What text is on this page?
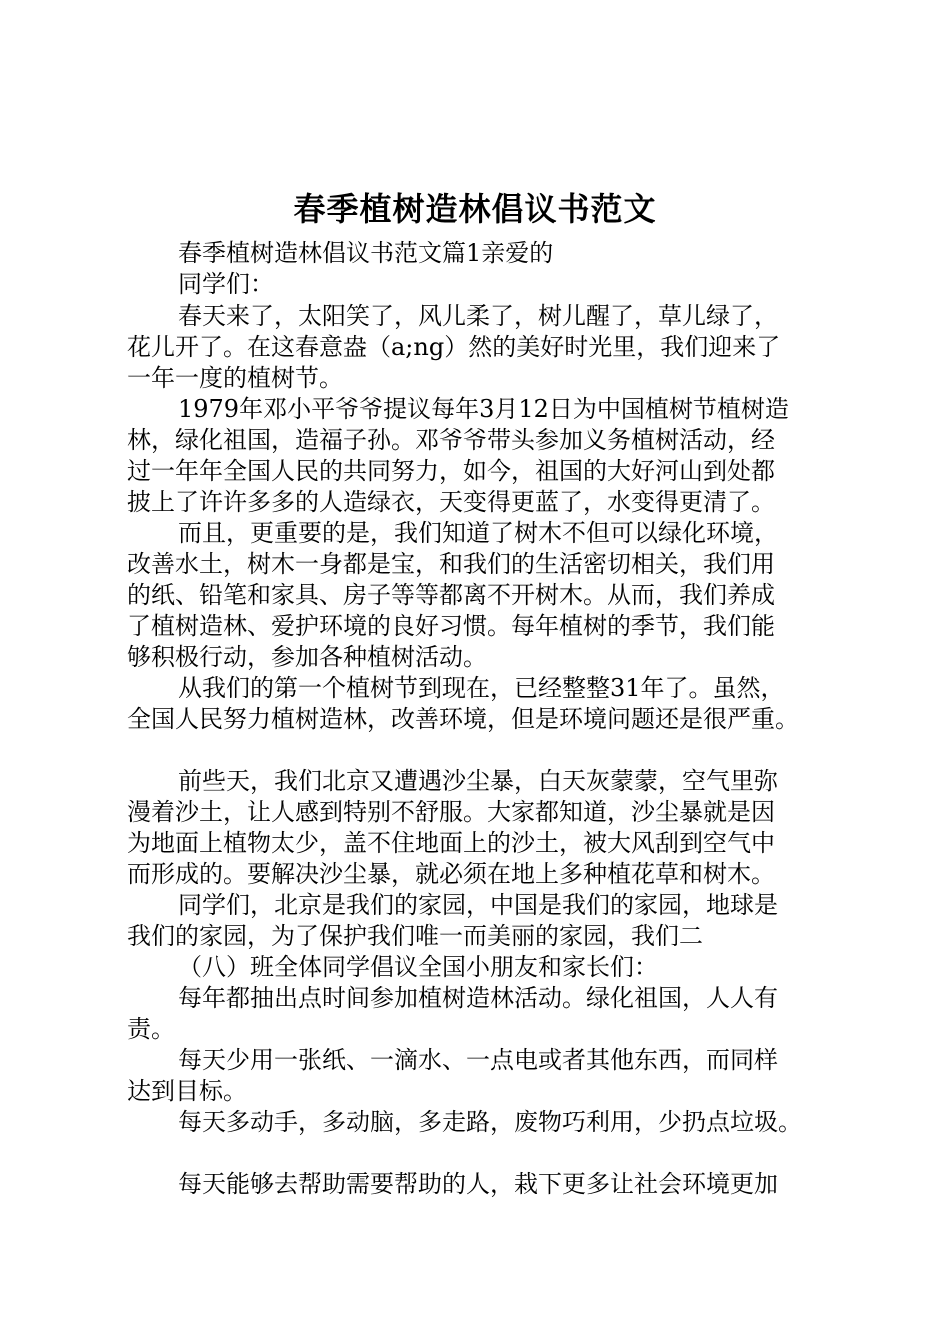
春季植树造林倡议书范文
春季植树造林倡议书范文篇1亲爱的
同学们：
春天来了，太阳笑了，风儿柔了，树儿醒了，草儿绿了，
花儿开了。在这春意盎（a;ng）然的美好时光里，我们迎来了
一年一度的植树节。
1979年邓小平爷爷提议每年3月12日为中国植树节植树造
林，绿化祖国，造福子孙。邓爷爷带头参加义务植树活动，经
过一年年全国人民的共同努力，如今，祖国的大好河山到处都
披上了许许多多的人造绿衣，天变得更蓝了，水变得更清了。
而且，更重要的是，我们知道了树木不但可以绿化环境，
改善水土，树木一身都是宝，和我们的生活密切相关，我们用
的纸、铅笔和家具、房子等等都离不开树木。从而，我们养成
了植树造林、爱护环境的良好习惯。每年植树的季节，我们能
够积极行动，参加各种植树活动。
从我们的第一个植树节到现在，已经整整31年了。虽然，
全国人民努力植树造林，改善环境，但是环境问题还是很严重。
前些天，我们北京又遭遇沙尘暴，白天灰蒙蒙，空气里弥
漫着沙土，让人感到特别不舒服。大家都知道，沙尘暴就是因
为地面上植物太少，盖不住地面上的沙土，被大风刮到空气中
而形成的。要解决沙尘暴，就必须在地上多种植花草和树木。
同学们，北京是我们的家园，中国是我们的家园，地球是
我们的家园，为了保护我们唯一而美丽的家园，我们二
（八）班全体同学倡议全国小朋友和家长们：
每年都抽出点时间参加植树造林活动。绿化祖国，人人有
责。
每天少用一张纸、一滴水、一点电或者其他东西，而同样
达到目标。
每天多动手，多动脑，多走路，废物巧利用，少扔点垃圾。
每天能够去帮助需要帮助的人，栽下更多让社会环境更加
